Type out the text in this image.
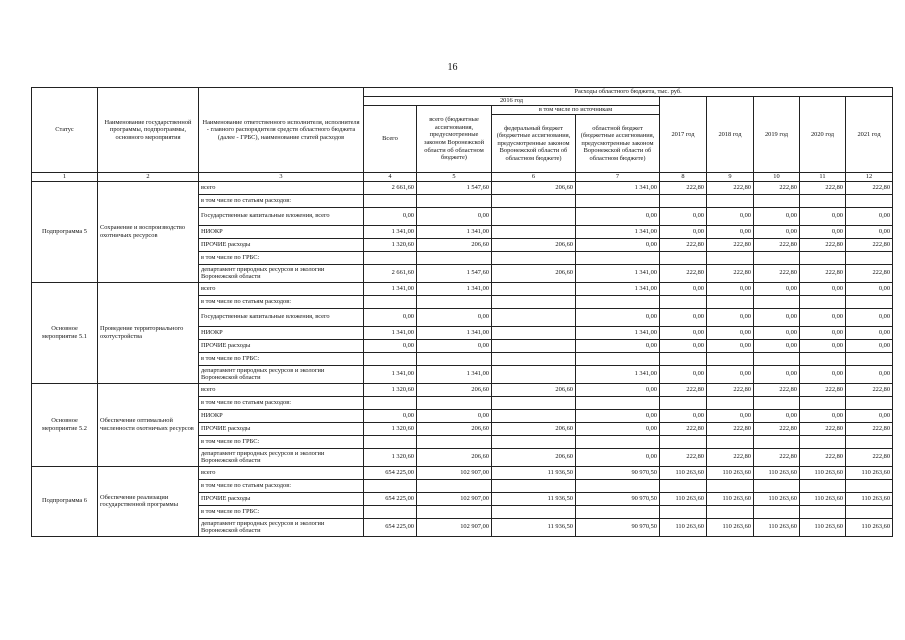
16
Статус	Наименование государственной программы, подпрограммы, основного мероприятия	Наименование ответственного исполнителя, исполнителя - главного распорядителя средств областного бюджета (далее - ГРБС), наименование статей расходов	Расходы областного бюджета, тыс. руб.								
			2016 год				2017 год	2018 год	2019 год	2020 год	2021 год
			Всего	всего (бюджетные ассигнования, предусмотренные законом Воронежской области об областном бюджете)	в том числе по источникам						
					федеральный бюджет (бюджетные ассигнования, предусмотренные законом Воронежской области об областном бюджете)	областной бюджет (бюджетные ассигнования, предусмотренные законом Воронежской области об областном бюджете)					
1	2	3	4	5	6	7	8	9	10	11	12
Подпрограмма 5	Сохранение и воспроизводство охотничьих ресурсов	всего	2 661,60	1 547,60	206,60	1 341,00	222,80	222,80	222,80	222,80	222,80
		в том числе по статьям расходов:									
		Государственные капитальные вложения, всего	0,00	0,00		0,00	0,00	0,00	0,00	0,00	0,00
		НИОКР	1 341,00	1 341,00		1 341,00	0,00	0,00	0,00	0,00	0,00
		ПРОЧИЕ расходы	1 320,60	206,60	206,60	0,00	222,80	222,80	222,80	222,80	222,80
		в том числе по ГРБС:									
		департамент природных ресурсов и экологии Воронежской области	2 661,60	1 547,60	206,60	1 341,00	222,80	222,80	222,80	222,80	222,80
Основное мероприятие 5.1	Проведение территориального охотустройства	всего	1 341,00	1 341,00		1 341,00	0,00	0,00	0,00	0,00	0,00
		в том числе по статьям расходов:									
		Государственные капитальные вложения, всего	0,00	0,00		0,00	0,00	0,00	0,00	0,00	0,00
		НИОКР	1 341,00	1 341,00		1 341,00	0,00	0,00	0,00	0,00	0,00
		ПРОЧИЕ расходы	0,00	0,00		0,00	0,00	0,00	0,00	0,00	0,00
		в том числе по ГРБС:									
		департамент природных ресурсов и экологии Воронежской области	1 341,00	1 341,00		1 341,00	0,00	0,00	0,00	0,00	0,00
Основное мероприятие 5.2	Обеспечение оптимальной численности охотничьих ресурсов	всего	1 320,60	206,60	206,60	0,00	222,80	222,80	222,80	222,80	222,80
		в том числе по статьям расходов:									
		НИОКР	0,00	0,00		0,00	0,00	0,00	0,00	0,00	0,00
		ПРОЧИЕ расходы	1 320,60	206,60	206,60	0,00	222,80	222,80	222,80	222,80	222,80
		в том числе по ГРБС:									
		департамент природных ресурсов и экологии Воронежской области	1 320,60	206,60	206,60	0,00	222,80	222,80	222,80	222,80	222,80
Подпрограмма 6	Обеспечение реализации государственной программы	всего	654 225,00	102 907,00	11 936,50	90 970,50	110 263,60	110 263,60	110 263,60	110 263,60	110 263,60
		в том числе по статьям расходов:									
		ПРОЧИЕ расходы	654 225,00	102 907,00	11 936,50	90 970,50	110 263,60	110 263,60	110 263,60	110 263,60	110 263,60
		в том числе по ГРБС:									
		департамент природных ресурсов и экологии Воронежской области	654 225,00	102 907,00	11 936,50	90 970,50	110 263,60	110 263,60	110 263,60	110 263,60	110 263,60
